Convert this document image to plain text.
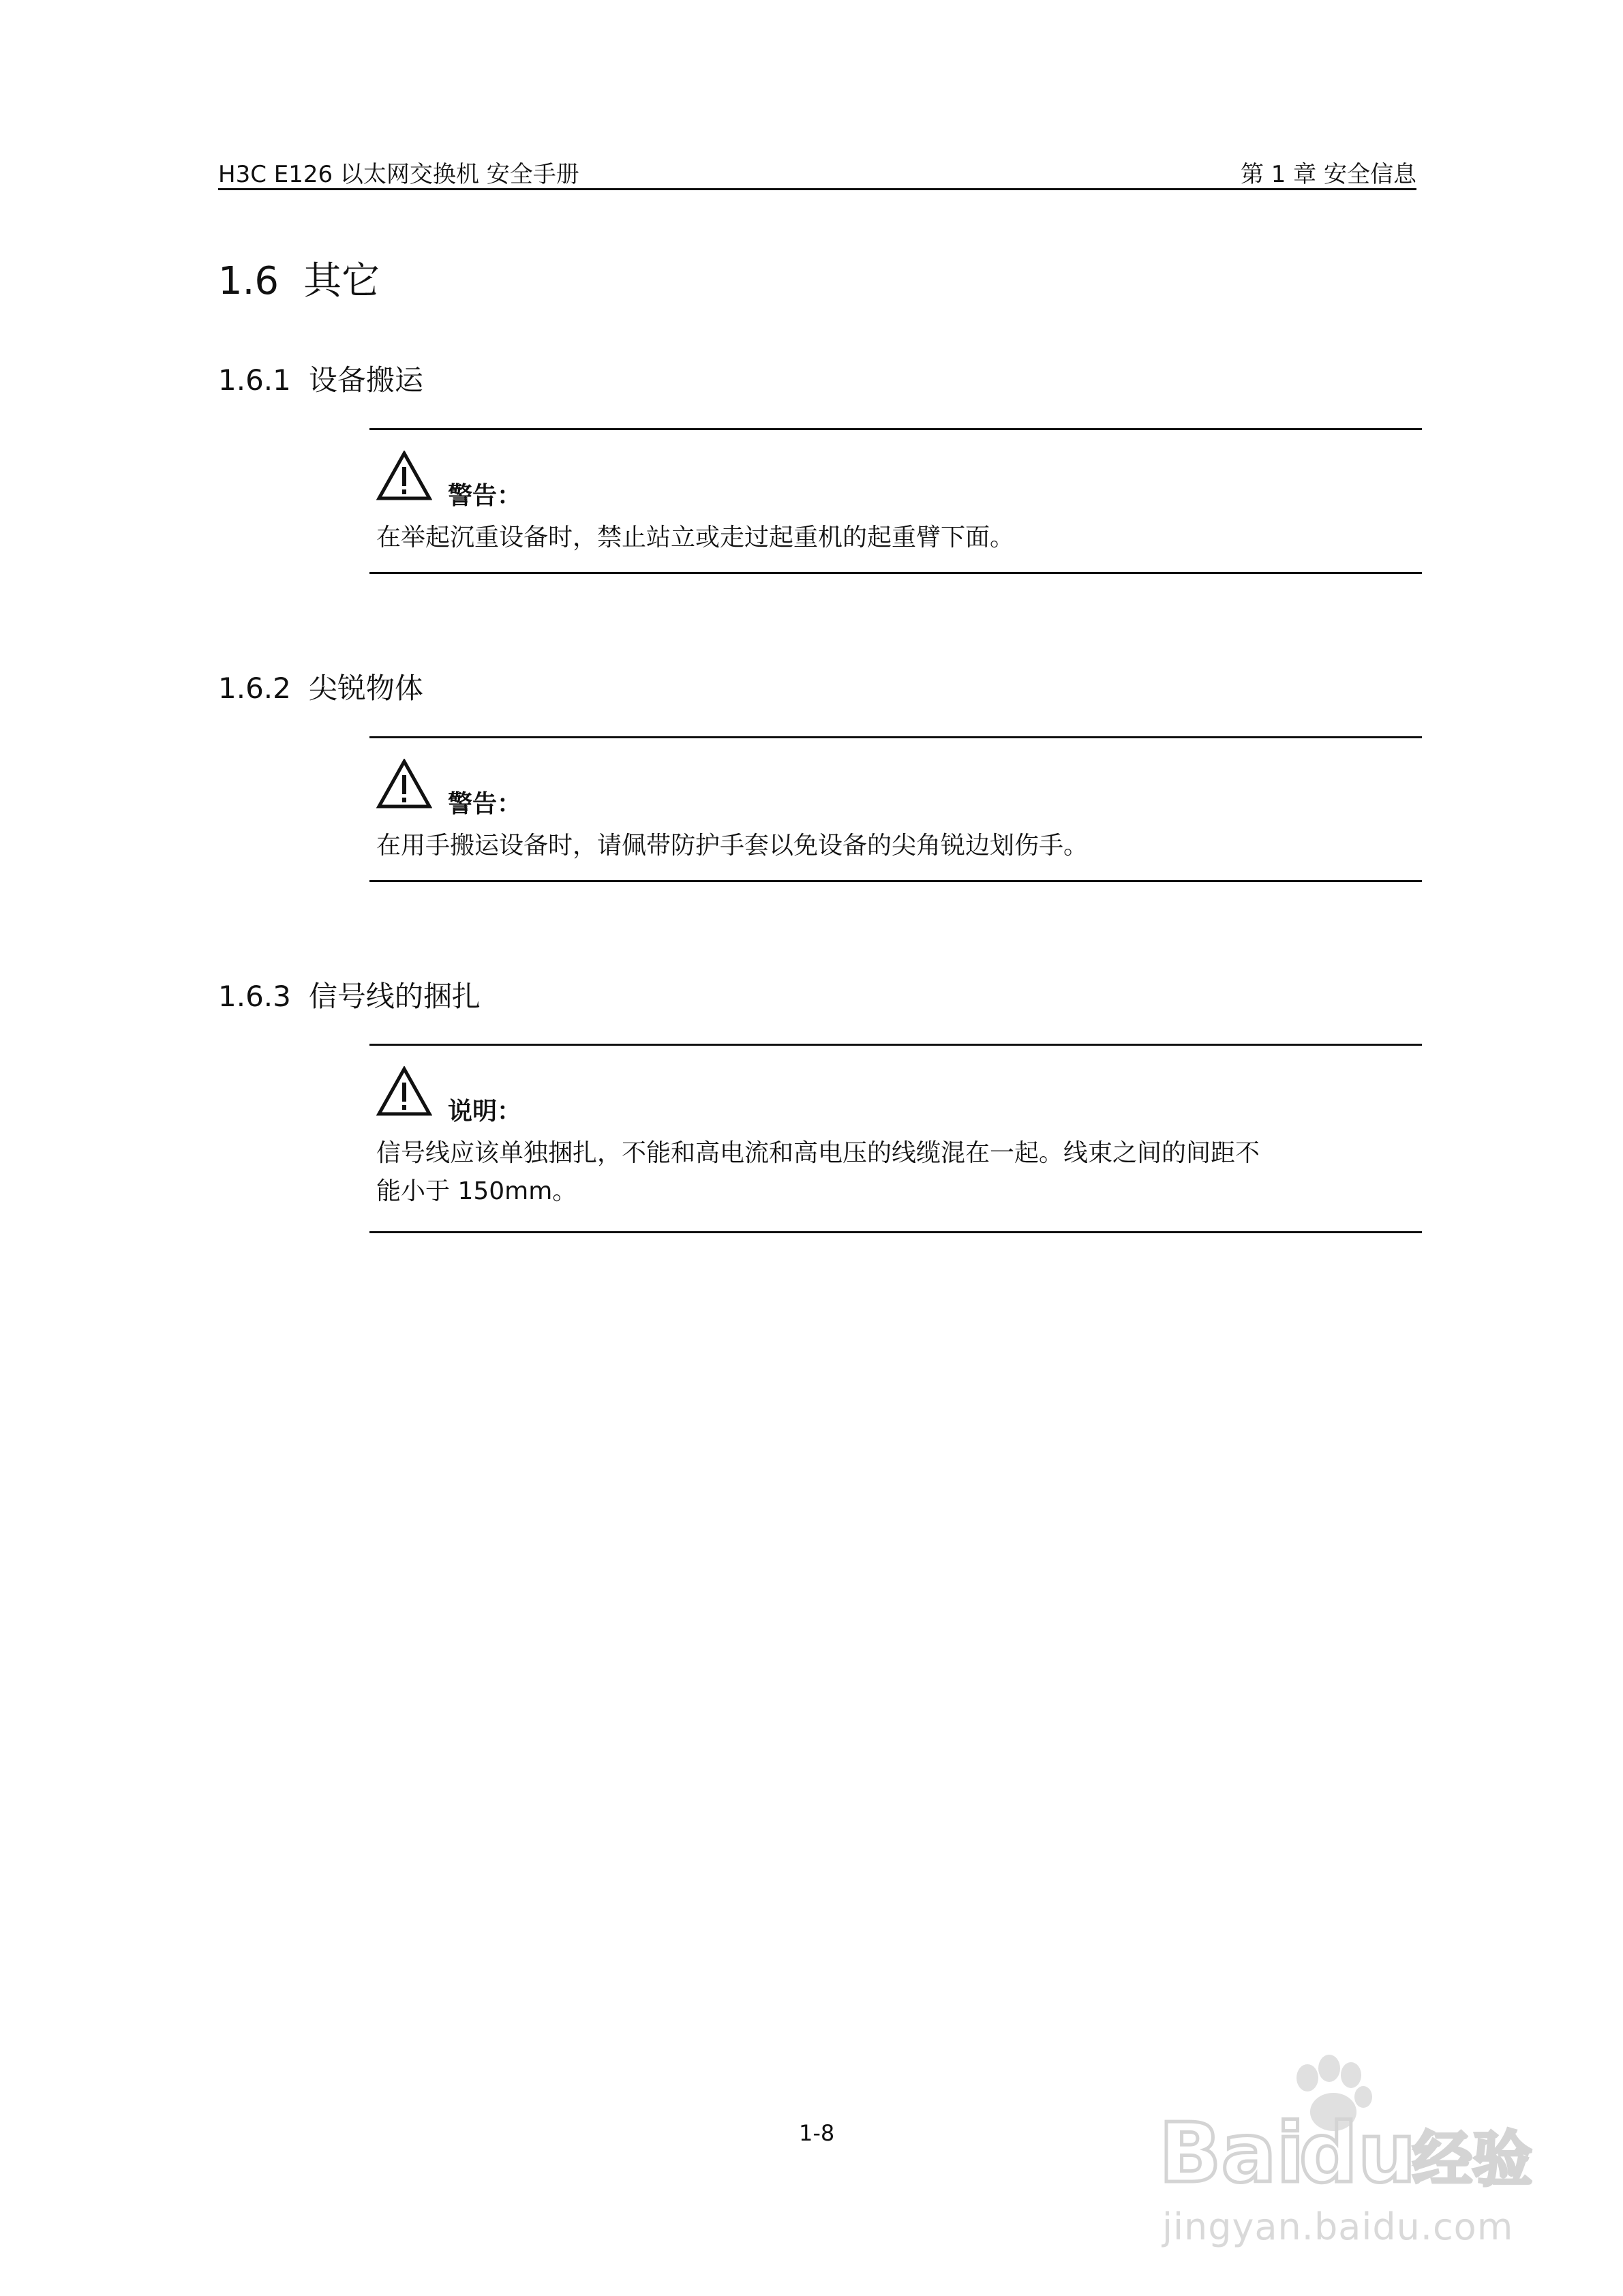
H3C E126 以太网交换机 安全手册	第 1 章 安全信息
1.6 其它
1.6.1 设备搬运
警告：
在举起沉重设备时，禁止站立或走过起重机的起重臂下面。
1.6.2 尖锐物体
警告：
在用手搬运设备时，请佩带防护手套以免设备的尖角锐边划伤手。
1.6.3 信号线的捆扎
说明：
信号线应该单独捆扎，不能和高电流和高电压的线缆混在一起。线束之间的间距不
能小于 150mm。
1-8	Bai
du
经验
jingyan.baidu.com
